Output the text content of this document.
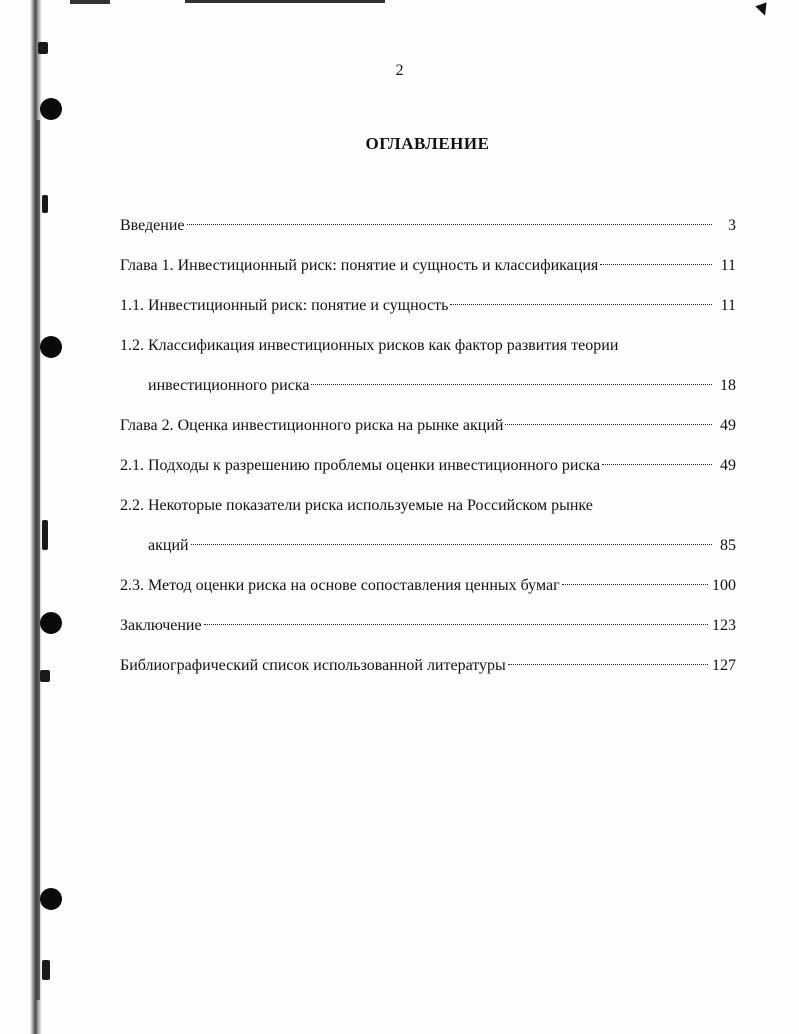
2
ОГЛАВЛЕНИЕ
Введение	3
Глава 1. Инвестиционный риск: понятие и сущность и классификация	11
1.1. Инвестиционный риск: понятие и сущность	11
1.2. Классификация инвестиционных рисков как фактор развития теории
инвестиционного риска	18
Глава 2. Оценка инвестиционного риска на рынке акций	49
2.1. Подходы к разрешению проблемы оценки инвестиционного риска	49
2.2. Некоторые показатели риска используемые на Российском рынке
акций	85
2.3. Метод оценки риска на основе сопоставления ценных бумаг	100
Заключение	123
Библиографический список использованной литературы	127
